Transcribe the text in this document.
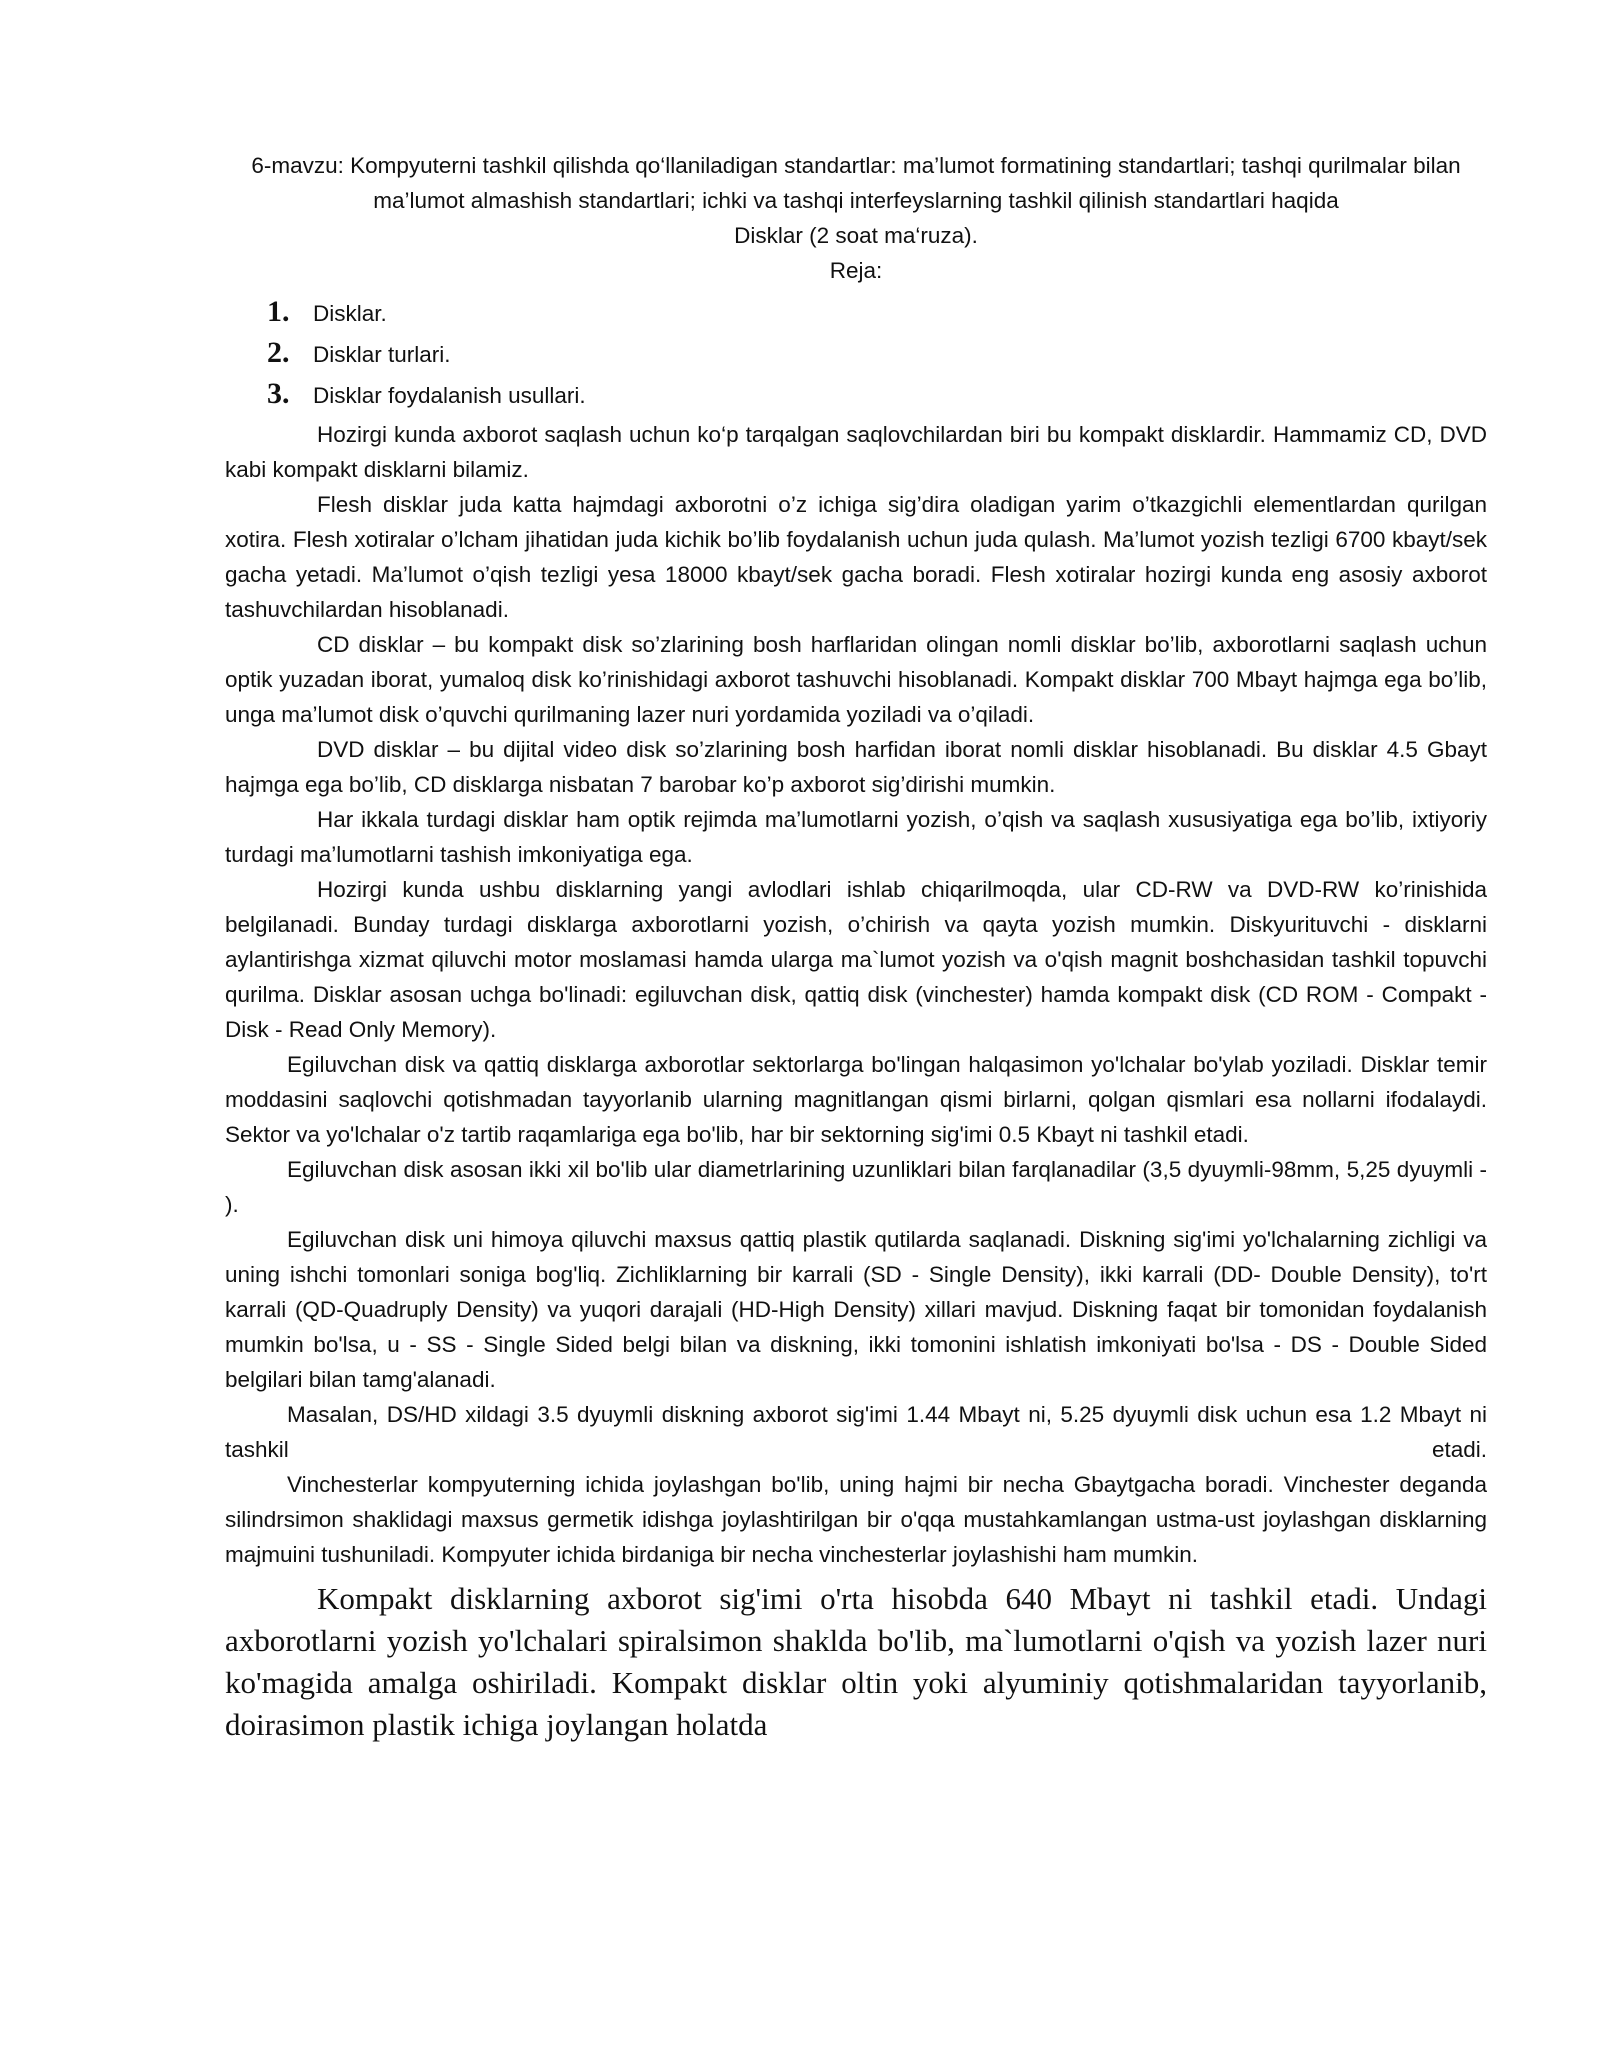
6-mavzu: Kompyuterni tashkil qilishda qo‘llaniladigan standartlar: ma’lumot formatining standartlari; tashqi qurilmalar bilan ma’lumot almashish standartlari; ichki va tashqi interfeyslarning tashkil qilinish standartlari haqida

Disklar (2 soat ma‘ruza).

Reja:

1.	Disklar.
2.	Disklar turlari.
3.	Disklar foydalanish usullari.

Hozirgi kunda axborot saqlash uchun ko‘p tarqalgan saqlovchilardan biri bu kompakt disklardir. Hammamiz CD, DVD kabi kompakt disklarni bilamiz.

Flesh disklar juda katta hajmdagi axborotni o’z ichiga sig’dira oladigan yarim o’tkazgichli elementlardan qurilgan xotira. Flesh xotiralar o’lcham jihatidan juda kichik bo’lib foydalanish uchun juda qulash. Ma’lumot yozish tezligi 6700 kbayt/sek gacha yetadi. Ma’lumot o’qish tezligi yesa 18000 kbayt/sek gacha boradi. Flesh xotiralar hozirgi kunda eng asosiy axborot tashuvchilardan hisoblanadi.

CD disklar – bu kompakt disk so’zlarining bosh harflaridan olingan nomli disklar bo’lib, axborotlarni saqlash uchun optik yuzadan iborat, yumaloq disk ko’rinishidagi axborot tashuvchi hisoblanadi. Kompakt disklar 700 Mbayt hajmga ega bo’lib, unga ma’lumot disk o’quvchi qurilmaning lazer nuri yordamida yoziladi va o’qiladi.

DVD disklar – bu dijital video disk so’zlarining bosh harfidan iborat nomli disklar hisoblanadi. Bu disklar 4.5 Gbayt hajmga ega bo’lib, CD disklarga nisbatan 7 barobar ko’p axborot sig’dirishi mumkin.

Har ikkala turdagi disklar ham optik rejimda ma’lumotlarni yozish, o’qish va saqlash xususiyatiga ega bo’lib, ixtiyoriy turdagi ma’lumotlarni tashish imkoniyatiga ega.

Hozirgi kunda ushbu disklarning yangi avlodlari ishlab chiqarilmoqda, ular CD-RW va DVD-RW ko’rinishida belgilanadi. Bunday turdagi disklarga axborotlarni yozish, o’chirish va qayta yozish mumkin. Diskyurituvchi - disklarni aylantirishga xizmat qiluvchi motor moslamasi hamda ularga ma`lumot yozish va o'qish magnit boshchasidan tashkil topuvchi qurilma. Disklar asosan uchga bo'linadi: egiluvchan disk, qattiq disk (vinchester) hamda kompakt disk (CD ROM - Compakt - Disk - Read Only Memory).

Egiluvchan disk va qattiq disklarga axborotlar sektorlarga bo'lingan halqasimon yo'lchalar bo'ylab yoziladi. Disklar temir moddasini saqlovchi qotishmadan tayyorlanib ularning magnitlangan qismi birlarni, qolgan qismlari esa nollarni ifodalaydi. Sektor va yo'lchalar o'z tartib raqamlariga ega bo'lib, har bir sektorning sig'imi 0.5 Kbayt ni tashkil etadi.

Egiluvchan disk asosan ikki xil bo'lib ular diametrlarining uzunliklari bilan farqlanadilar (3,5 dyuymli-98mm, 5,25 dyuymli - ).

Egiluvchan disk uni himoya qiluvchi maxsus qattiq plastik qutilarda saqlanadi. Diskning sig'imi yo'lchalarning zichligi va uning ishchi tomonlari soniga bog'liq. Zichliklarning bir karrali (SD - Single Density), ikki karrali (DD- Double Density), to'rt karrali (QD-Quadruply Density) va yuqori darajali (HD-High Density) xillari mavjud. Diskning faqat bir tomonidan foydalanish mumkin bo'lsa, u - SS - Single Sided belgi bilan va diskning, ikki tomonini ishlatish imkoniyati bo'lsa - DS - Double Sided belgilari bilan tamg'alanadi.

Masalan, DS/HD xildagi 3.5 dyuymli diskning axborot sig'imi 1.44 Mbayt ni, 5.25 dyuymli disk uchun esa 1.2 Mbayt ni tashkil etadi.

Vinchesterlar kompyuterning ichida joylashgan bo'lib, uning hajmi bir necha Gbaytgacha boradi. Vinchester deganda silindrsimon shaklidagi maxsus germetik idishga joylashtirilgan bir o'qqa mustahkamlangan ustma-ust joylashgan disklarning majmuini tushuniladi. Kompyuter ichida birdaniga bir necha vinchesterlar joylashishi ham mumkin.

Kompakt disklarning axborot sig'imi o'rta hisobda 640 Mbayt ni tashkil etadi. Undagi axborotlarni yozish yo'lchalari spiralsimon shaklda bo'lib, ma`lumotlarni o'qish va yozish lazer nuri ko'magida amalga oshiriladi. Kompakt disklar oltin yoki alyuminiy qotishmalaridan tayyorlanib, doirasimon plastik ichiga joylangan holatda
